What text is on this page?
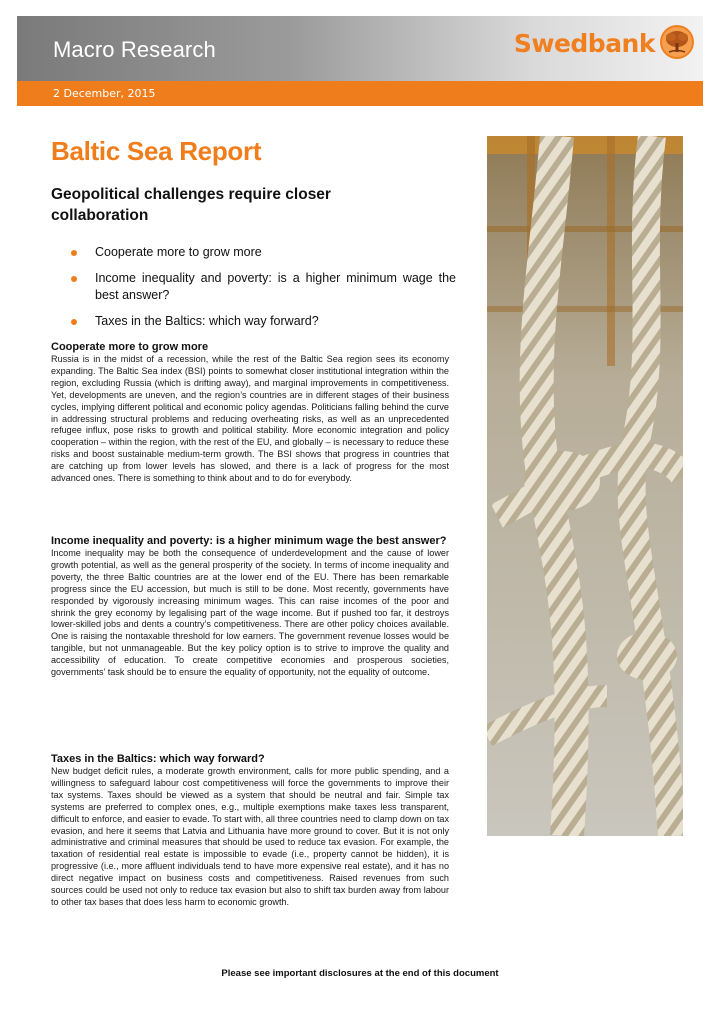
Macro Research	Swedbank
2 December, 2015
Baltic Sea Report
Geopolitical challenges require closer collaboration
Cooperate more to grow more
Income inequality and poverty: is a higher minimum wage the best answer?
Taxes in the Baltics: which way forward?
Cooperate more to grow more

Russia is in the midst of a recession, while the rest of the Baltic Sea region sees its economy expanding. The Baltic Sea index (BSI) points to somewhat closer institutional integration within the region, excluding Russia (which is drifting away), and marginal improvements in competitiveness. Yet, developments are uneven, and the region’s countries are in different stages of their business cycles, implying different political and economic policy agendas. Politicians falling behind the curve in addressing structural problems and reducing overheating risks, as well as an unprecedented refugee influx, pose risks to growth and political stability. More economic integration and policy cooperation – within the region, with the rest of the EU, and globally – is necessary to reduce these risks and boost sustainable medium-term growth. The BSI shows that progress in countries that are catching up from lower levels has slowed, and there is a lack of progress for the most advanced ones. There is something to think about and to do for everybody.

Income inequality and poverty: is a higher minimum wage the best answer?

Income inequality may be both the consequence of underdevelopment and the cause of lower growth potential, as well as the general prosperity of the society. In terms of income inequality and poverty, the three Baltic countries are at the lower end of the EU. There has been remarkable progress since the EU accession, but much is still to be done. Most recently, governments have responded by vigorously increasing minimum wages. This can raise incomes of the poor and shrink the grey economy by legalising part of the wage income. But if pushed too far, it destroys lower-skilled jobs and dents a country’s competitiveness. There are other policy choices available. One is raising the nontaxable threshold for low earners. The government revenue losses would be tangible, but not unmanageable. But the key policy option is to strive to improve the quality and accessibility of education. To create competitive economies and prosperous societies, governments’ task should be to ensure the equality of opportunity, not the equality of outcome.

Taxes in the Baltics: which way forward?

New budget deficit rules, a moderate growth environment, calls for more public spending, and a willingness to safeguard labour cost competitiveness will force the governments to improve their tax systems. Taxes should be viewed as a system that should be neutral and fair. Simple tax systems are preferred to complex ones, e.g., multiple exemptions make taxes less transparent, difficult to enforce, and easier to evade. To start with, all three countries need to clamp down on tax evasion, and here it seems that Latvia and Lithuania have more ground to cover. But it is not only administrative and criminal measures that should be used to reduce tax evasion. For example, the taxation of residential real estate is impossible to evade (i.e., property cannot be hidden), it is progressive (i.e., more affluent individuals tend to have more expensive real estate), and it has no direct negative impact on business costs and competitiveness. Raised revenues from such sources could be used not only to reduce tax evasion but also to shift tax burden away from labour to other tax bases that does less harm to economic growth.

Please see important disclosures at the end of this document
